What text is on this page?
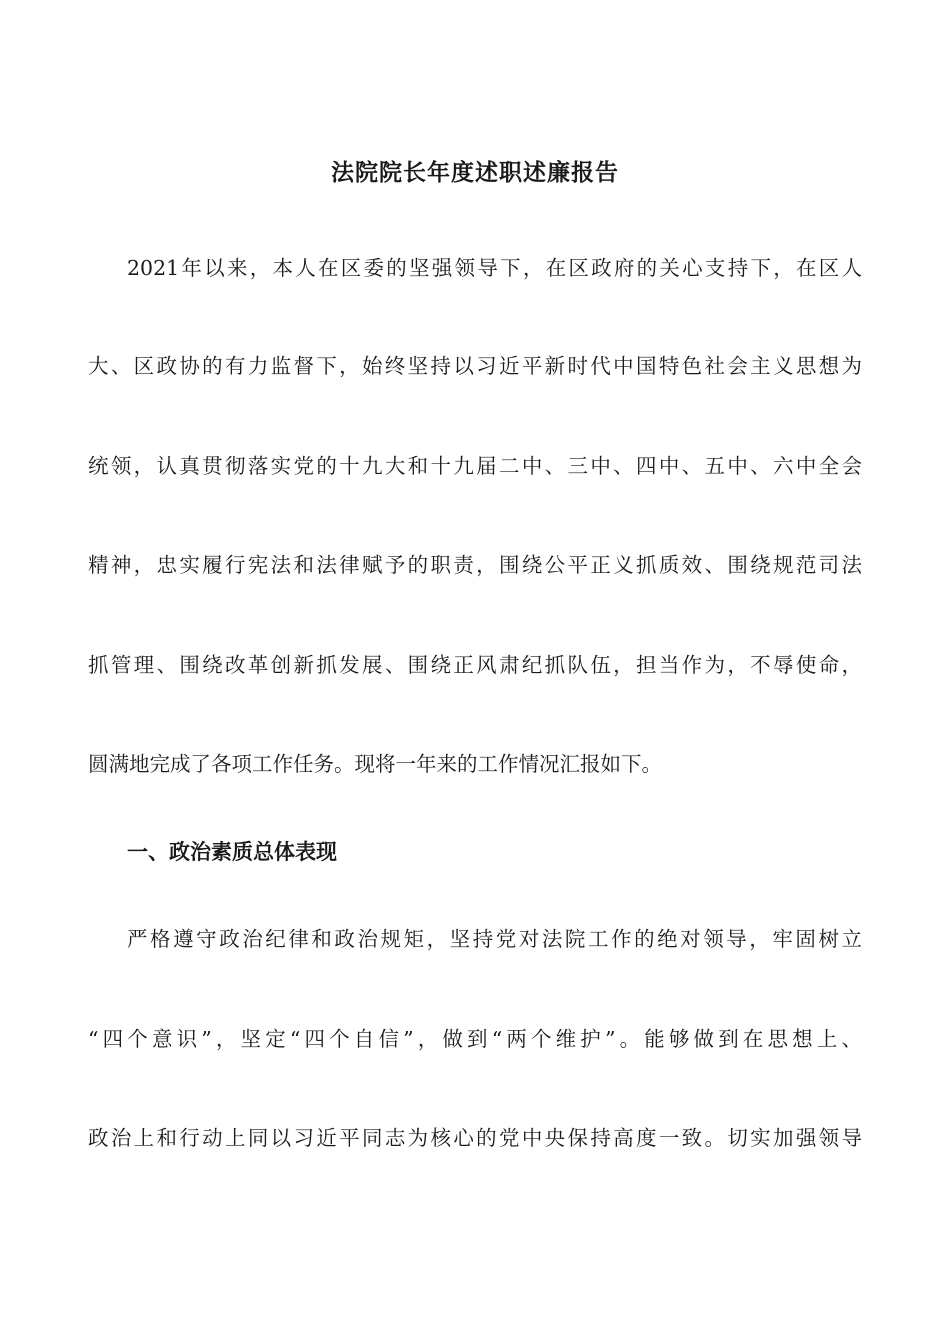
法院院长年度述职述廉报告
2021年以来，本人在区委的坚强领导下，在区政府的关心支持下，在区人
大、区政协的有力监督下，始终坚持以习近平新时代中国特色社会主义思想为
统领，认真贯彻落实党的十九大和十九届二中、三中、四中、五中、六中全会
精神，忠实履行宪法和法律赋予的职责，围绕公平正义抓质效、围绕规范司法
抓管理、围绕改革创新抓发展、围绕正风肃纪抓队伍，担当作为，不辱使命，
圆满地完成了各项工作任务。现将一年来的工作情况汇报如下。
一、政治素质总体表现
严格遵守政治纪律和政治规矩，坚持党对法院工作的绝对领导，牢固树立
“四个意识”，坚定“四个自信”，做到“两个维护”。能够做到在思想上、
政治上和行动上同以习近平同志为核心的党中央保持高度一致。切实加强领导
